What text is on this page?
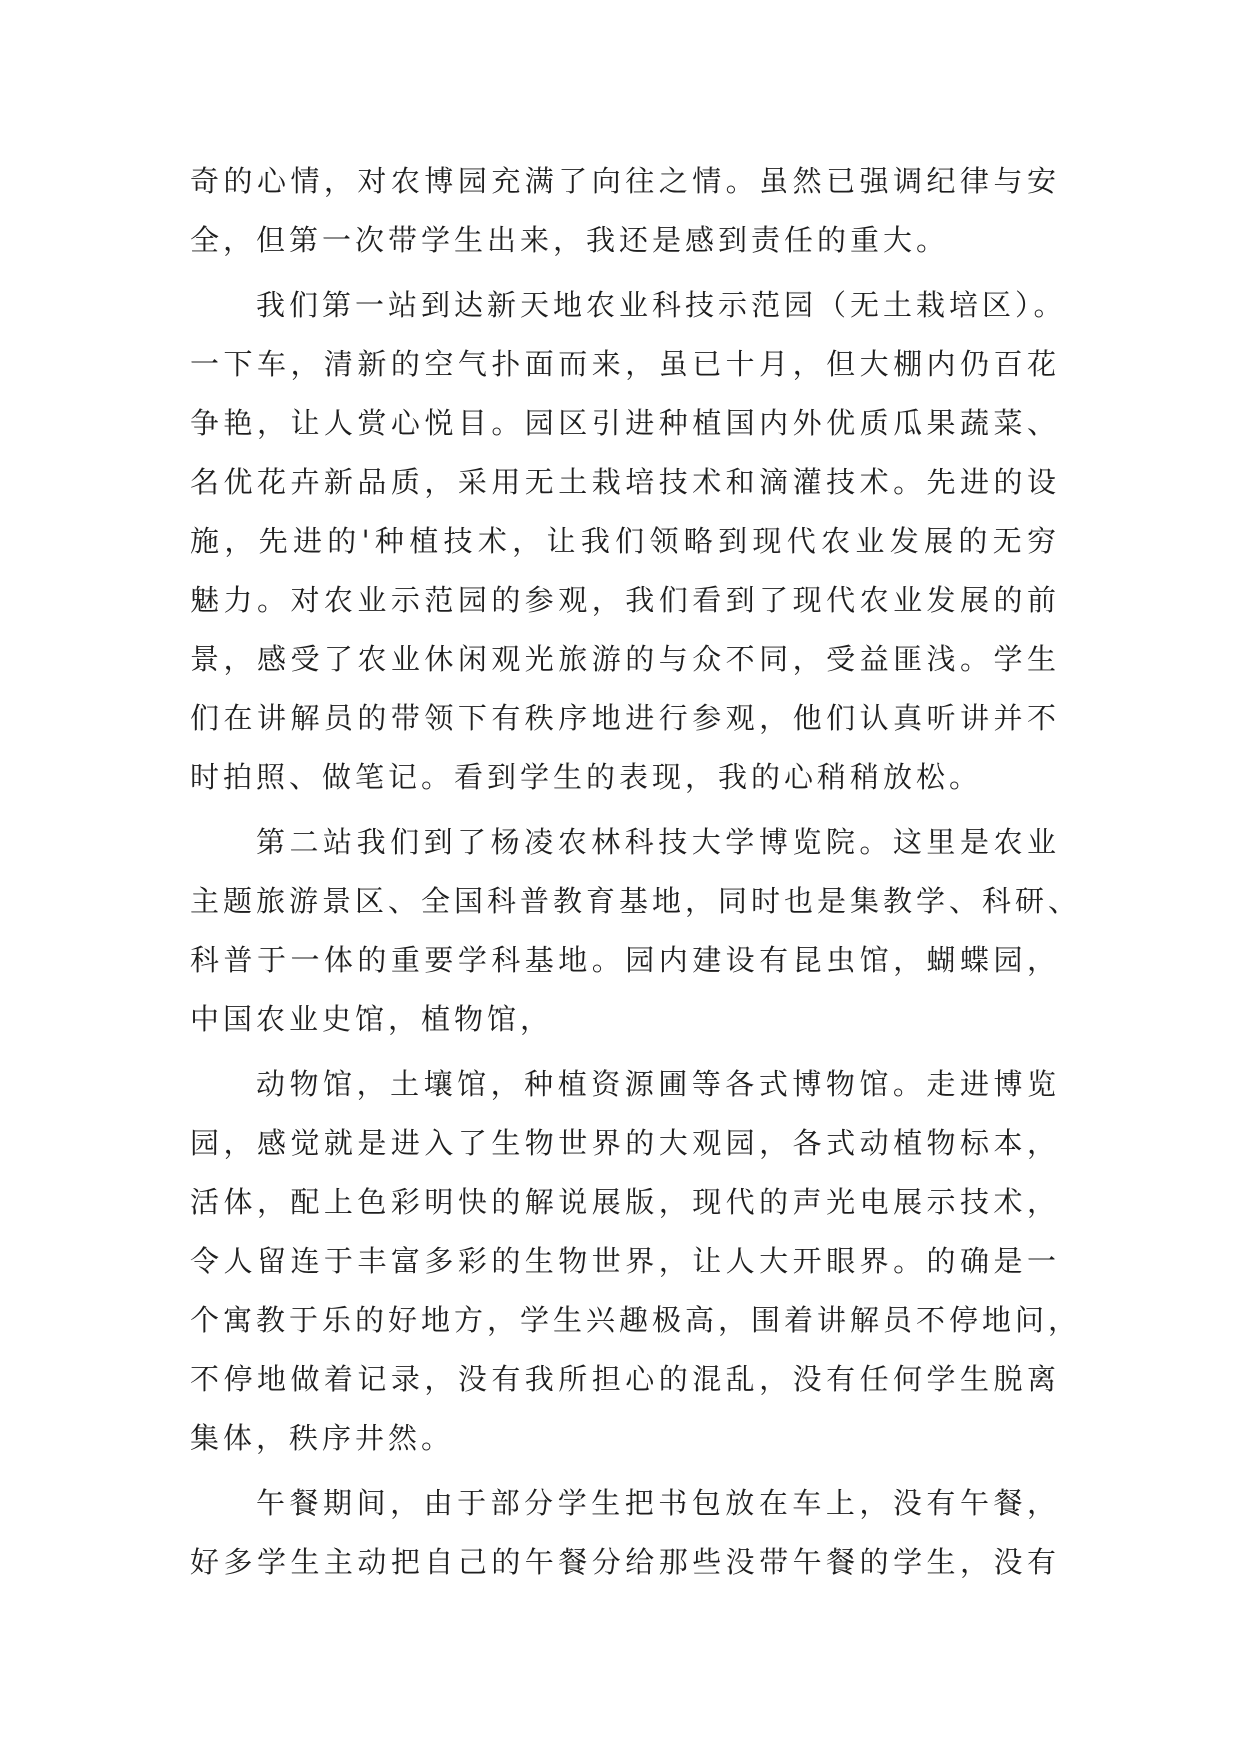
奇的心情，对农博园充满了向往之情。虽然已强调纪律与安
全，但第一次带学生出来，我还是感到责任的重大。
我们第一站到达新天地农业科技示范园（无土栽培区）。
一下车，清新的空气扑面而来，虽已十月，但大棚内仍百花
争艳，让人赏心悦目。园区引进种植国内外优质瓜果蔬菜、
名优花卉新品质，采用无土栽培技术和滴灌技术。先进的设
施，先进的'种植技术，让我们领略到现代农业发展的无穷
魅力。对农业示范园的参观，我们看到了现代农业发展的前
景，感受了农业休闲观光旅游的与众不同，受益匪浅。学生
们在讲解员的带领下有秩序地进行参观，他们认真听讲并不
时拍照、做笔记。看到学生的表现，我的心稍稍放松。
第二站我们到了杨凌农林科技大学博览院。这里是农业
主题旅游景区、全国科普教育基地，同时也是集教学、科研、
科普于一体的重要学科基地。园内建设有昆虫馆，蝴蝶园，
中国农业史馆，植物馆，
动物馆，土壤馆，种植资源圃等各式博物馆。走进博览
园，感觉就是进入了生物世界的大观园，各式动植物标本，
活体，配上色彩明快的解说展版，现代的声光电展示技术，
令人留连于丰富多彩的生物世界，让人大开眼界。的确是一
个寓教于乐的好地方，学生兴趣极高，围着讲解员不停地问，
不停地做着记录，没有我所担心的混乱，没有任何学生脱离
集体，秩序井然。
午餐期间，由于部分学生把书包放在车上，没有午餐，
好多学生主动把自己的午餐分给那些没带午餐的学生，没有
